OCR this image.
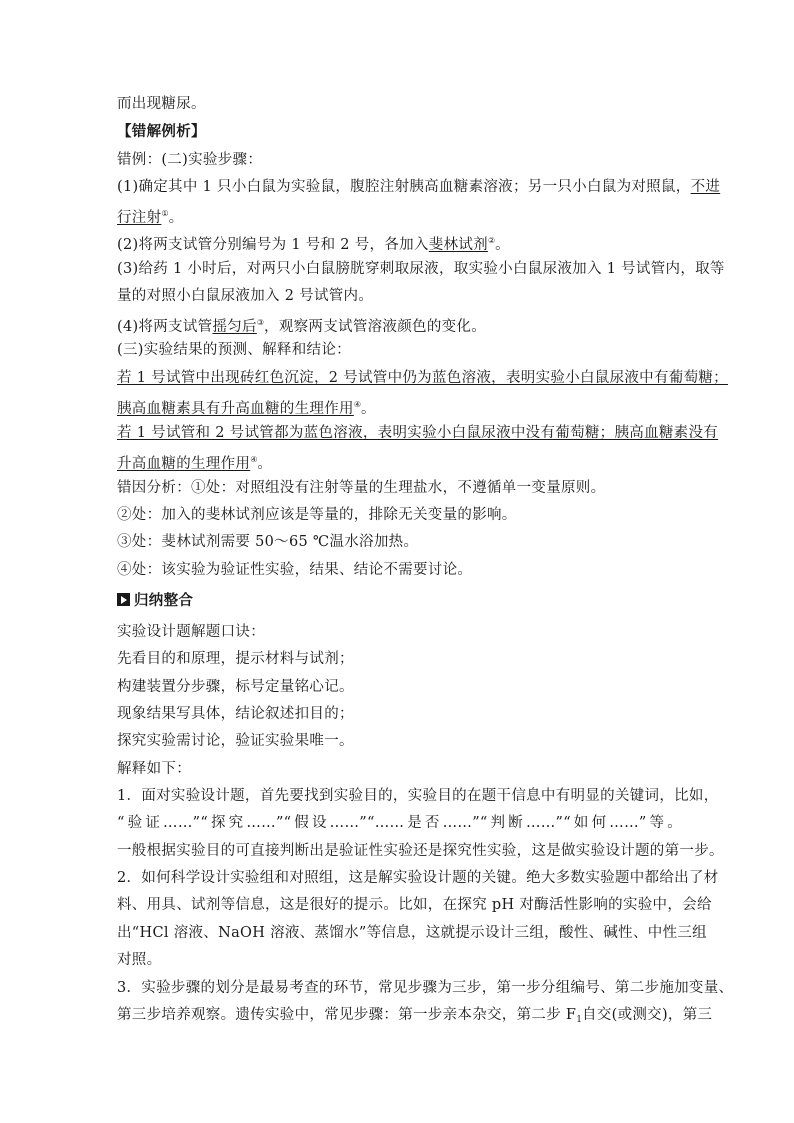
而出现糖尿。
【错解例析】
错例：(二)实验步骤：
(1)确定其中 1 只小白鼠为实验鼠，腹腔注射胰高血糖素溶液；另一只小白鼠为对照鼠，不进
行注射①。
(2)将两支试管分别编号为 1 号和 2 号，各加入斐林试剂②。
(3)给药 1 小时后，对两只小白鼠膀胱穿刺取尿液，取实验小白鼠尿液加入 1 号试管内，取等
量的对照小白鼠尿液加入 2 号试管内。
(4)将两支试管摇匀后③，观察两支试管溶液颜色的变化。
(三)实验结果的预测、解释和结论：
若 1 号试管中出现砖红色沉淀，2 号试管中仍为蓝色溶液，表明实验小白鼠尿液中有葡萄糖；
胰高血糖素具有升高血糖的生理作用④。
若 1 号试管和 2 号试管都为蓝色溶液，表明实验小白鼠尿液中没有葡萄糖；胰高血糖素没有
升高血糖的生理作用④。
错因分析：①处：对照组没有注射等量的生理盐水，不遵循单一变量原则。
②处：加入的斐林试剂应该是等量的，排除无关变量的影响。
③处：斐林试剂需要 50～65 ℃温水浴加热。
④处：该实验为验证性实验，结果、结论不需要讨论。
归纳整合
实验设计题解题口诀：
先看目的和原理，提示材料与试剂；
构建装置分步骤，标号定量铭心记。
现象结果写具体，结论叙述扣目的；
探究实验需讨论，验证实验果唯一。
解释如下：
1．面对实验设计题，首先要找到实验目的，实验目的在题干信息中有明显的关键词，比如，
“验证……”“探究……”“假设……”“……是否……”“判断……”“如何……”等。
一般根据实验目的可直接判断出是验证性实验还是探究性实验，这是做实验设计题的第一步。
2．如何科学设计实验组和对照组，这是解实验设计题的关键。绝大多数实验题中都给出了材
料、用具、试剂等信息，这是很好的提示。比如，在探究 pH 对酶活性影响的实验中，会给
出“HCl 溶液、NaOH 溶液、蒸馏水”等信息，这就提示设计三组，酸性、碱性、中性三组
对照。
3．实验步骤的划分是最易考查的环节，常见步骤为三步，第一步分组编号、第二步施加变量、
第三步培养观察。遗传实验中，常见步骤：第一步亲本杂交，第二步 $F_1$自交(或测交)，第三
